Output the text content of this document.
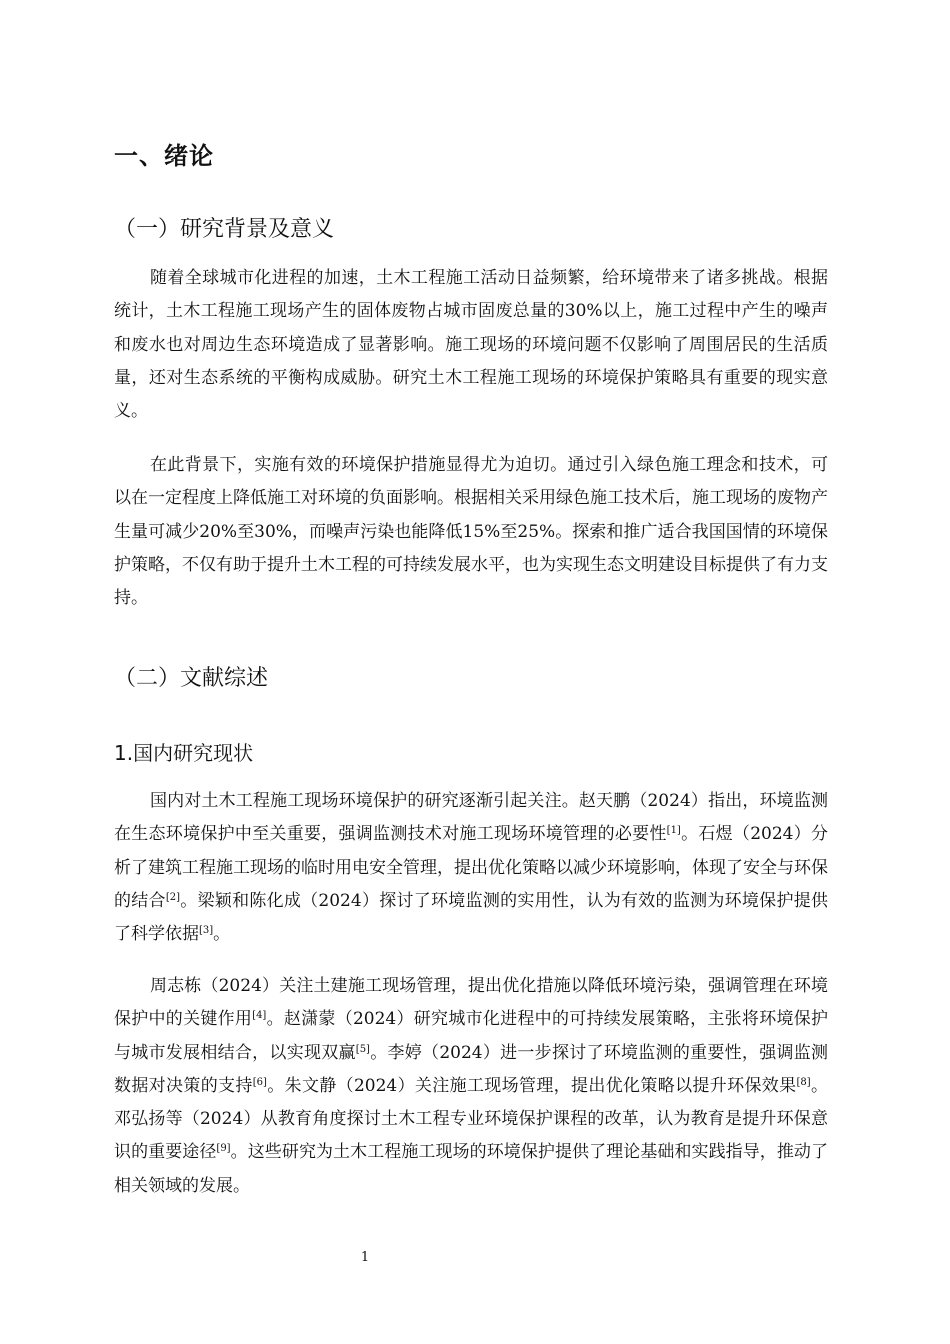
一、绪论
（一）研究背景及意义

随着全球城市化进程的加速，土木工程施工活动日益频繁，给环境带来了诸多挑战。根据统计，土木工程施工现场产生的固体废物占城市固废总量的30%以上，施工过程中产生的噪声和废水也对周边生态环境造成了显著影响。施工现场的环境问题不仅影响了周围居民的生活质量，还对生态系统的平衡构成威胁。研究土木工程施工现场的环境保护策略具有重要的现实意义。

在此背景下，实施有效的环境保护措施显得尤为迫切。通过引入绿色施工理念和技术，可以在一定程度上降低施工对环境的负面影响。根据相关采用绿色施工技术后，施工现场的废物产生量可减少20%至30%，而噪声污染也能降低15%至25%。探索和推广适合我国国情的环境保护策略，不仅有助于提升土木工程的可持续发展水平，也为实现生态文明建设目标提供了有力支持。

（二）文献综述
1.国内研究现状

国内对土木工程施工现场环境保护的研究逐渐引起关注。赵天鹏（2024）指出，环境监测在生态环境保护中至关重要，强调监测技术对施工现场环境管理的必要性[1]。石煜（2024）分析了建筑工程施工现场的临时用电安全管理，提出优化策略以减少环境影响，体现了安全与环保的结合[2]。梁颖和陈化成（2024）探讨了环境监测的实用性，认为有效的监测为环境保护提供了科学依据[3]。

周志栋（2024）关注土建施工现场管理，提出优化措施以降低环境污染，强调管理在环境保护中的关键作用[4]。赵潇蒙（2024）研究城市化进程中的可持续发展策略，主张将环境保护与城市发展相结合，以实现双赢[5]。李婷（2024）进一步探讨了环境监测的重要性，强调监测数据对决策的支持[6]。朱文静（2024）关注施工现场管理，提出优化策略以提升环保效果[8]。邓弘扬等（2024）从教育角度探讨土木工程专业环境保护课程的改革，认为教育是提升环保意识的重要途径[9]。这些研究为土木工程施工现场的环境保护提供了理论基础和实践指导，推动了相关领域的发展。

1
